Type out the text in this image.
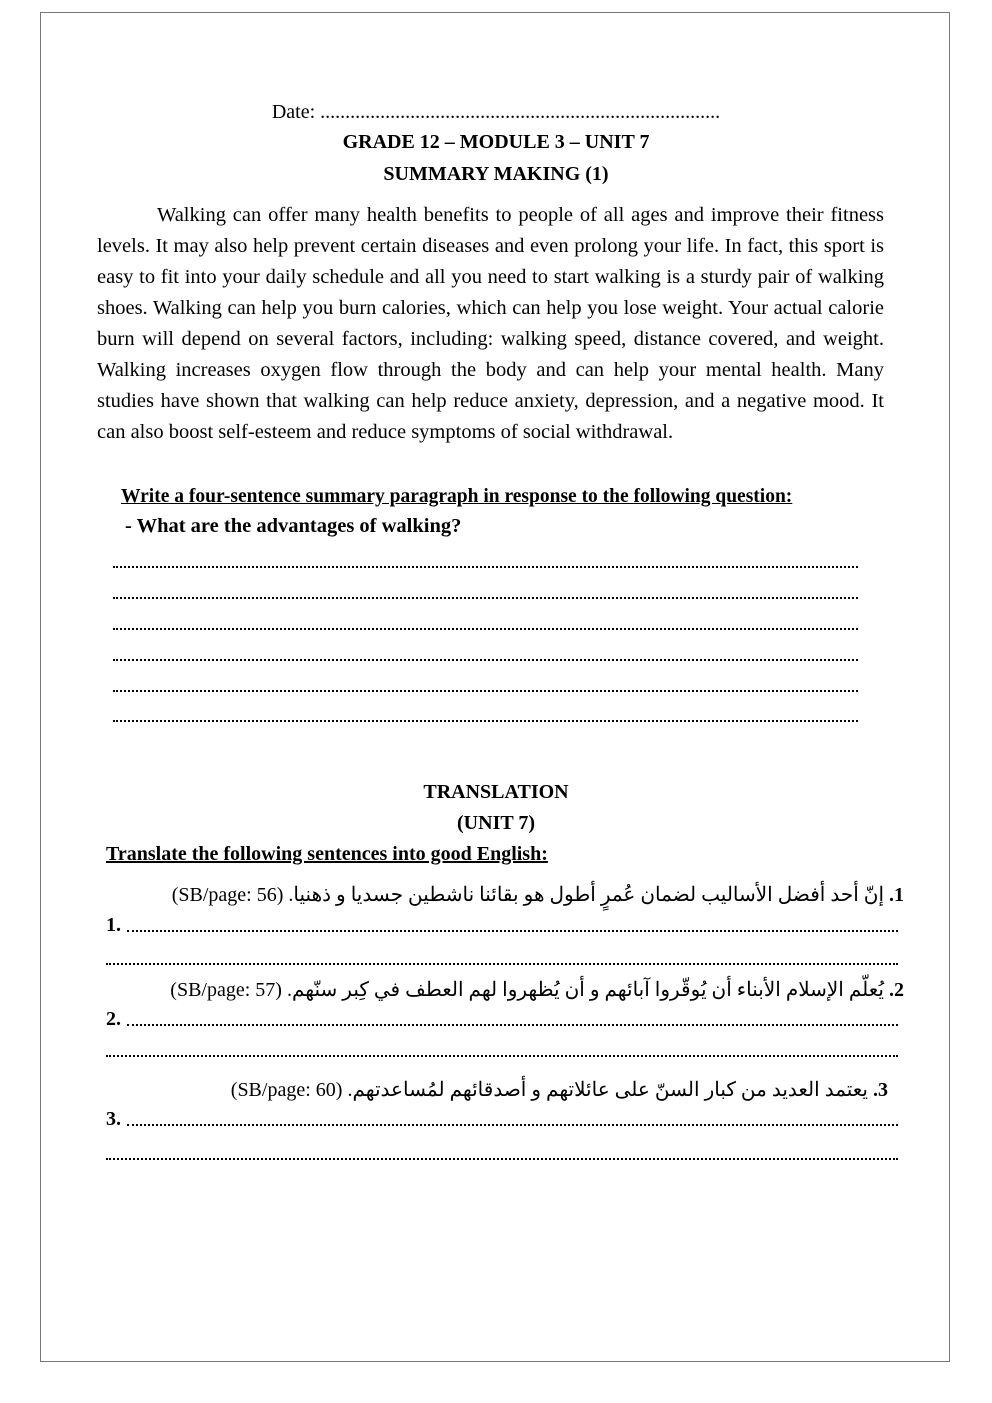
Date: ................................................................................
GRADE 12 – MODULE 3 – UNIT 7
SUMMARY MAKING (1)
Walking can offer many health benefits to people of all ages and improve their fitness levels. It may also help prevent certain diseases and even prolong your life. In fact, this sport is easy to fit into your daily schedule and all you need to start walking is a sturdy pair of walking shoes. Walking can help you burn calories, which can help you lose weight. Your actual calorie burn will depend on several factors, including: walking speed, distance covered, and weight. Walking increases oxygen flow through the body and can help your mental health. Many studies have shown that walking can help reduce anxiety, depression, and a negative mood. It can also boost self-esteem and reduce symptoms of social withdrawal.
Write a four-sentence summary paragraph in response to the following question:
- What are the advantages of walking?
TRANSLATION
(UNIT 7)
Translate the following sentences into good English:
1. إنّ أحد أفضل الأساليب لضمان عُمرٍ أطول هو بقائنا ناشطين جسديا و ذهنيا. (SB/page: 56)
1.
2. يُعلّم الإسلام الأبناء أن يُوقّروا آبائهم و أن يُظهروا لهم العطف في كِبر سنّهم. (SB/page: 57)
2.
3. يعتمد العديد من كبار السنّ على عائلاتهم و أصدقائهم لمُساعدتهم. (SB/page: 60)
3.
